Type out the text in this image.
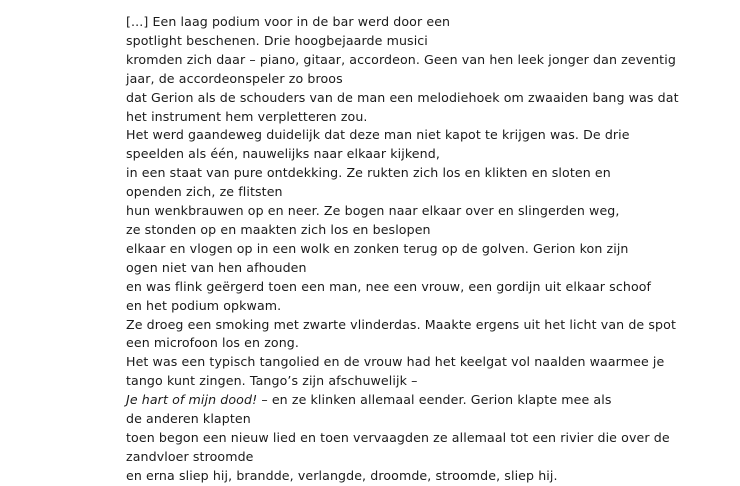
[...] Een laag podium voor in de bar werd door een
spotlight beschenen. Drie hoogbejaarde musici
kromden zich daar – piano, gitaar, accordeon. Geen van hen leek jonger dan zeventig
jaar, de accordeonspeler zo broos
dat Gerion als de schouders van de man een melodiehoek om zwaaiden bang was dat
het instrument hem verpletteren zou.
Het werd gaandeweg duidelijk dat deze man niet kapot te krijgen was. De drie
speelden als één, nauwelijks naar elkaar kijkend,
in een staat van pure ontdekking. Ze rukten zich los en klikten en sloten en
openden zich, ze flitsten
hun wenkbrauwen op en neer. Ze bogen naar elkaar over en slingerden weg,
ze stonden op en maakten zich los en beslopen
elkaar en vlogen op in een wolk en zonken terug op de golven. Gerion kon zijn
ogen niet van hen afhouden
en was flink geërgerd toen een man, nee een vrouw, een gordijn uit elkaar schoof
en het podium opkwam.
Ze droeg een smoking met zwarte vlinderdas. Maakte ergens uit het licht van de spot
een microfoon los en zong.
Het was een typisch tangolied en de vrouw had het keelgat vol naalden waarmee je
tango kunt zingen. Tango’s zijn afschuwelijk –
Je hart of mijn dood! – en ze klinken allemaal eender. Gerion klapte mee als
de anderen klapten
toen begon een nieuw lied en toen vervaagden ze allemaal tot een rivier die over de
zandvloer stroomde
en erna sliep hij, brandde, verlangde, droomde, stroomde, sliep hij.
